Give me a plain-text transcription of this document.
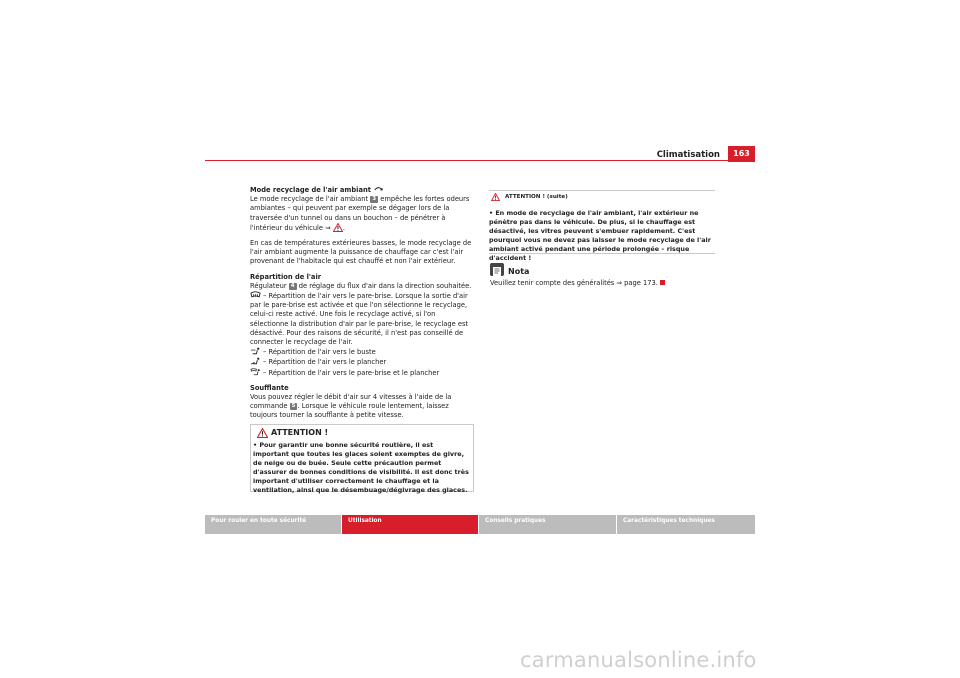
Climatisation	163

Mode recyclage de l'air ambiant

Le mode recyclage de l'air ambiant 3 empêche les fortes odeurs ambiantes – qui peuvent par exemple se dégager lors de la traversée d'un tunnel ou dans un bouchon – de pénétrer à l'intérieur du véhicule ⇒ .

En cas de températures extérieures basses, le mode recyclage de l'air ambiant augmente la puissance de chauffage car c'est l'air provenant de l'habitacle qui est chauffé et non l'air extérieur.

Répartition de l'air

Régulateur 4 de réglage du flux d'air dans la direction souhaitée.

– Répartition de l'air vers le pare-brise. Lorsque la sortie d'air par le pare-brise est activée et que l'on sélectionne le recyclage, celui-ci reste activé. Une fois le recyclage activé, si l'on sélectionne la distribution d'air par le pare-brise, le recyclage est désactivé. Pour des raisons de sécurité, il n'est pas conseillé de connecter le recyclage de l'air.

– Répartition de l'air vers le buste

– Répartition de l'air vers le plancher

– Répartition de l'air vers le pare-brise et le plancher

Soufflante

Vous pouvez régler le débit d'air sur 4 vitesses à l'aide de la commande 5 . Lorsque le véhicule roule lentement, laissez toujours tourner la soufflante à petite vitesse.

ATTENTION !
• Pour garantir une bonne sécurité routière, il est important que toutes les glaces soient exemptes de givre, de neige ou de buée. Seule cette précaution permet d'assurer de bonnes conditions de visibilité. Il est donc très important d'utiliser correctement le chauffage et la ventilation, ainsi que le désembuage/dégivrage des glaces.
ATTENTION ! (suite)
• En mode de recyclage de l'air ambiant, l'air extérieur ne pénètre pas dans le véhicule. De plus, si le chauffage est désactivé, les vitres peuvent s'embuer rapidement. C'est pourquoi vous ne devez pas laisser le mode recyclage de l'air ambiant activé pendant une période prolongée – risque d'accident !
Nota
Veuillez tenir compte des généralités ⇒ page 173.
Pour rouler en toute sécurité	Utilisation	Conseils pratiques	Caractéristiques techniques
carmanualsonline.info
